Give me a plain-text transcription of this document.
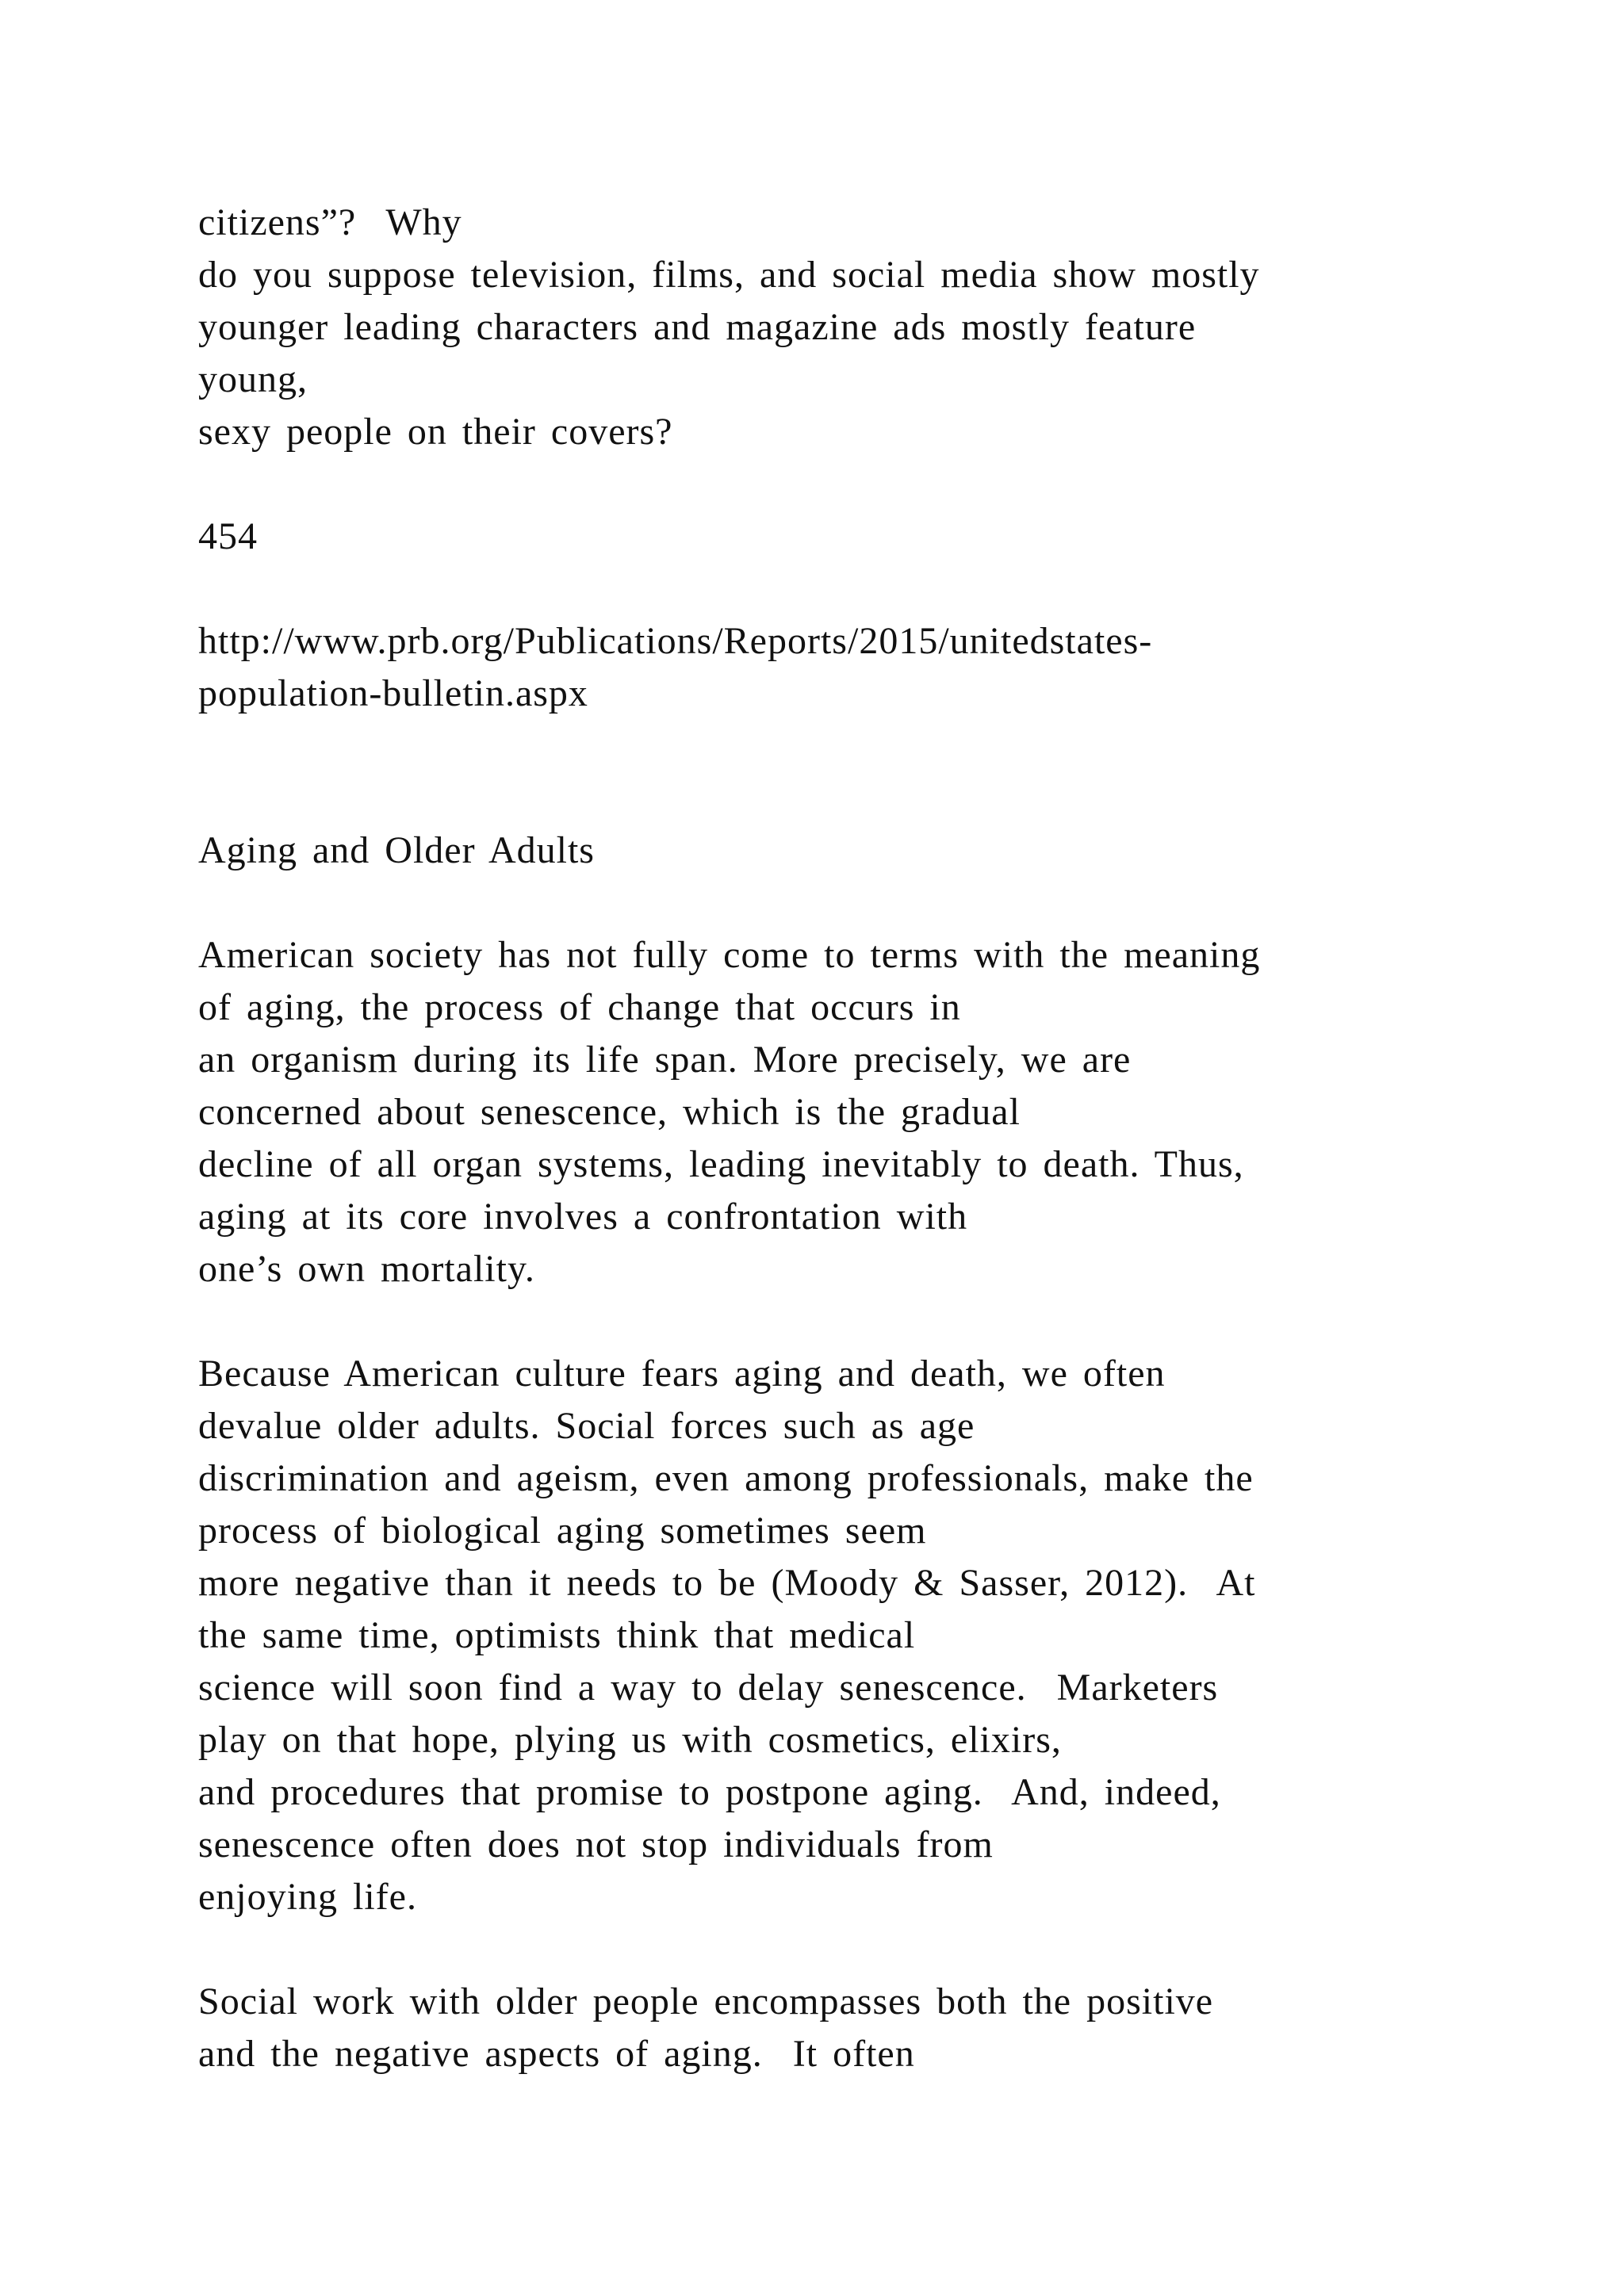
citizens”?  Why
do you suppose television, films, and social media show mostly
younger leading characters and magazine ads mostly feature
young,
sexy people on their covers?
454
http://www.prb.org/Publications/Reports/2015/unitedstates-
population-bulletin.aspx
Aging and Older Adults
American society has not fully come to terms with the meaning
of aging, the process of change that occurs in
an organism during its life span. More precisely, we are
concerned about senescence, which is the gradual
decline of all organ systems, leading inevitably to death. Thus,
aging at its core involves a confrontation with
one’s own mortality.
Because American culture fears aging and death, we often
devalue older adults. Social forces such as age
discrimination and ageism, even among professionals, make the
process of biological aging sometimes seem
more negative than it needs to be (Moody & Sasser, 2012).  At
the same time, optimists think that medical
science will soon find a way to delay senescence.  Marketers
play on that hope, plying us with cosmetics, elixirs,
and procedures that promise to postpone aging.  And, indeed,
senescence often does not stop individuals from
enjoying life.
Social work with older people encompasses both the positive
and the negative aspects of aging.  It often
